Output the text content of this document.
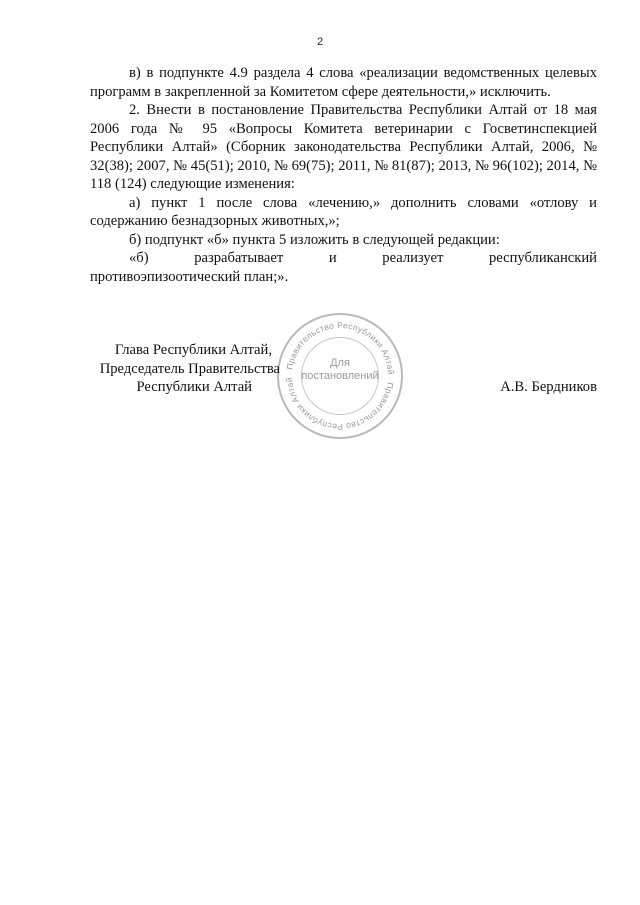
2

в) в подпункте 4.9 раздела 4 слова «реализации ведомственных целевых программ в закрепленной за Комитетом сфере деятельности,» исключить.

2. Внести в постановление Правительства Республики Алтай от 18 мая 2006 года № 95 «Вопросы Комитета ветеринарии с Госветинспекцией Республики Алтай» (Сборник законодательства Республики Алтай, 2006, № 32(38); 2007, № 45(51); 2010, № 69(75); 2011, № 81(87); 2013, № 96(102); 2014, № 118 (124) следующие изменения:

а) пункт 1 после слова «лечению,» дополнить словами «отлову и содержанию безнадзорных животных,»;

б) подпункт «б» пункта 5 изложить в следующей редакции:

«б) разрабатывает и реализует республиканский

противоэпизоотический план;».

Правительство Республики Алтай
Правительство Республики Алтай
Для
постановлений
Глава Республики Алтай,
Председатель Правительства
Республики Алтай	А.В. Бердников
